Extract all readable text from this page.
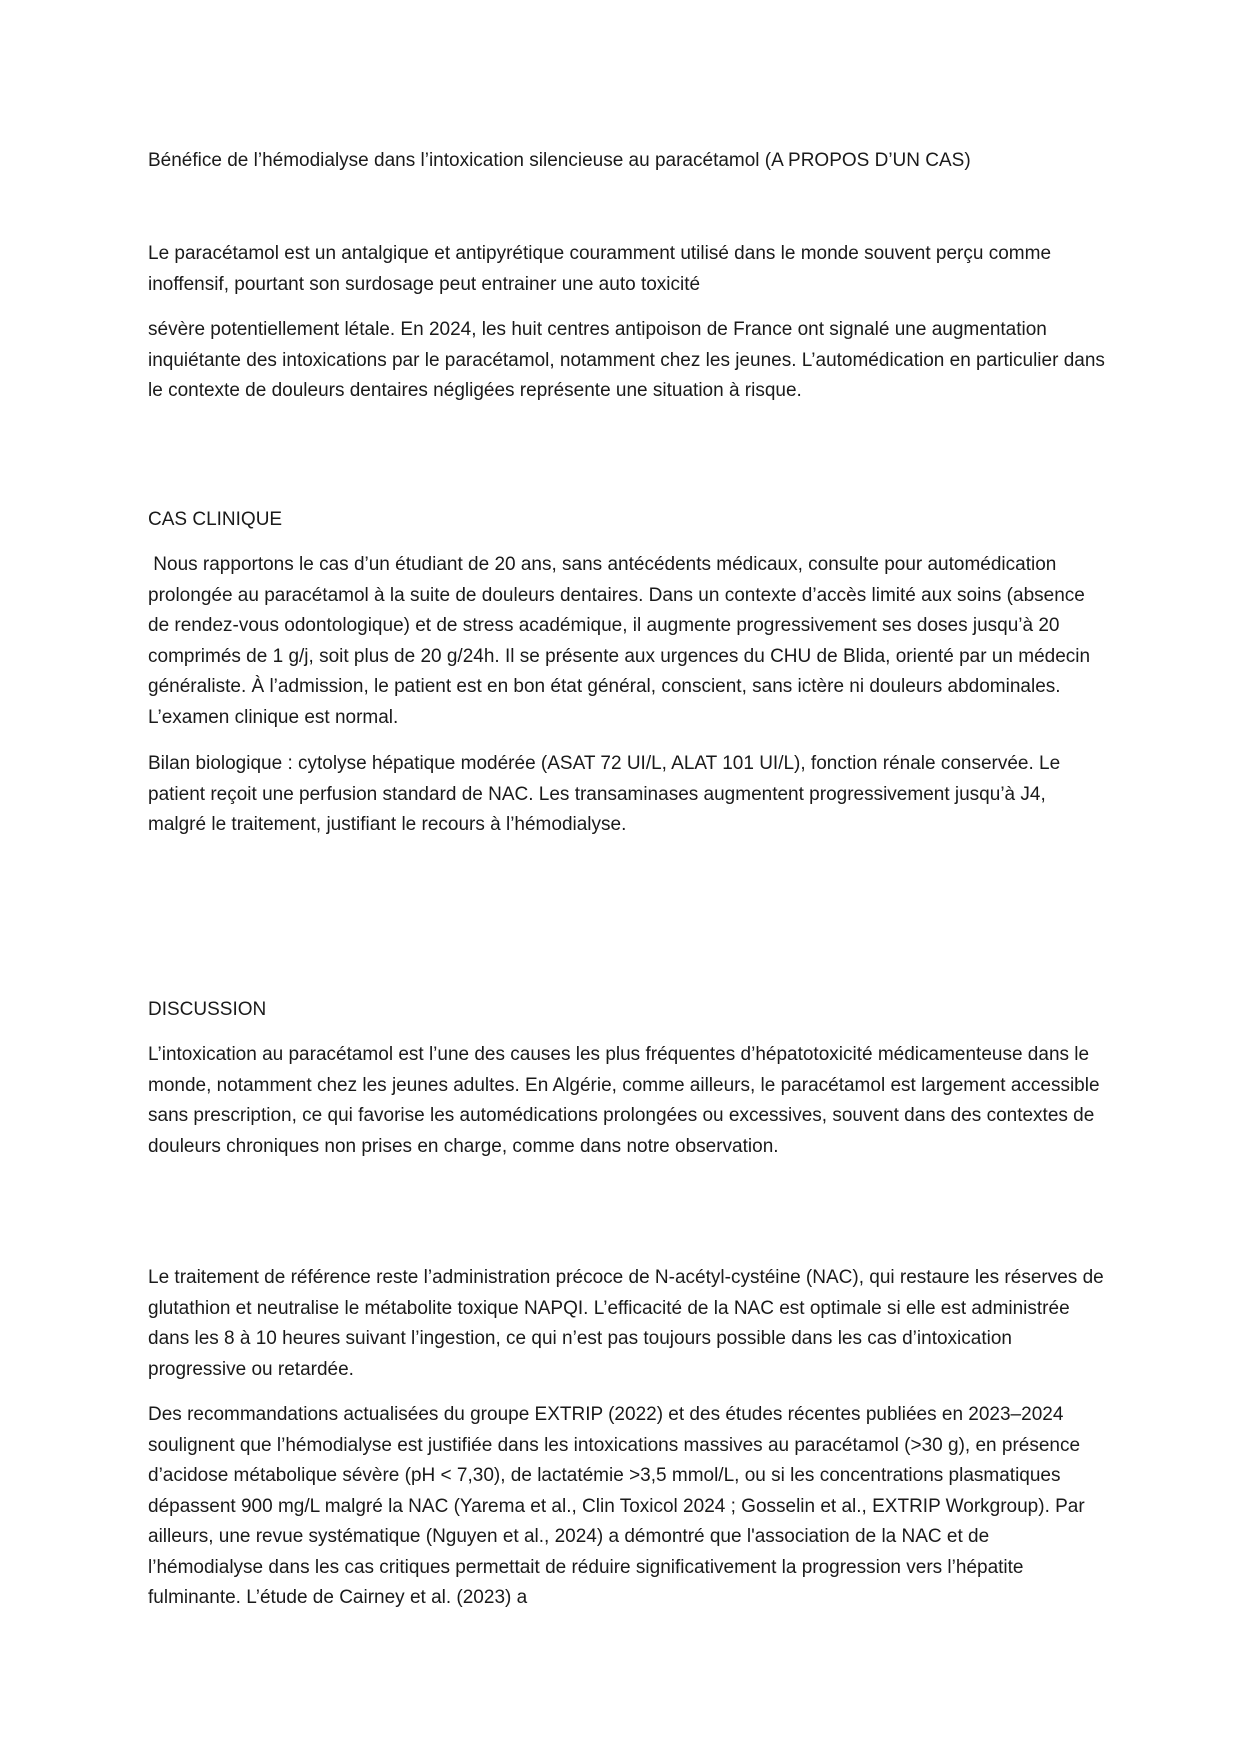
Bénéfice de l’hémodialyse dans l’intoxication silencieuse au paracétamol (A PROPOS D’UN CAS)

Le paracétamol est un antalgique et antipyrétique couramment utilisé dans le monde souvent perçu comme inoffensif, pourtant son surdosage peut entrainer une auto toxicité

sévère potentiellement létale. En 2024, les huit centres antipoison de France ont signalé une augmentation inquiétante des intoxications par le paracétamol, notamment chez les jeunes. L’automédication en particulier dans le contexte de douleurs dentaires négligées représente une situation à risque.

CAS CLINIQUE

Nous rapportons le cas d’un étudiant de 20 ans, sans antécédents médicaux, consulte pour automédication prolongée au paracétamol à la suite de douleurs dentaires. Dans un contexte d’accès limité aux soins (absence de rendez-vous odontologique) et de stress académique, il augmente progressivement ses doses jusqu’à 20 comprimés de 1 g/j, soit plus de 20 g/24h. Il se présente aux urgences du CHU de Blida, orienté par un médecin généraliste. À l’admission, le patient est en bon état général, conscient, sans ictère ni douleurs abdominales. L’examen clinique est normal.

Bilan biologique : cytolyse hépatique modérée (ASAT 72 UI/L, ALAT 101 UI/L), fonction rénale conservée. Le patient reçoit une perfusion standard de NAC. Les transaminases augmentent progressivement jusqu’à J4, malgré le traitement, justifiant le recours à l’hémodialyse.

DISCUSSION

L’intoxication au paracétamol est l’une des causes les plus fréquentes d’hépatotoxicité médicamenteuse dans le monde, notamment chez les jeunes adultes. En Algérie, comme ailleurs, le paracétamol est largement accessible sans prescription, ce qui favorise les automédications prolongées ou excessives, souvent dans des contextes de douleurs chroniques non prises en charge, comme dans notre observation.

Le traitement de référence reste l’administration précoce de N-acétyl-cystéine (NAC), qui restaure les réserves de glutathion et neutralise le métabolite toxique NAPQI. L’efficacité de la NAC est optimale si elle est administrée dans les 8 à 10 heures suivant l’ingestion, ce qui n’est pas toujours possible dans les cas d’intoxication progressive ou retardée.

Des recommandations actualisées du groupe EXTRIP (2022) et des études récentes publiées en 2023–2024 soulignent que l’hémodialyse est justifiée dans les intoxications massives au paracétamol (>30 g), en présence d’acidose métabolique sévère (pH < 7,30), de lactatémie >3,5 mmol/L, ou si les concentrations plasmatiques dépassent 900 mg/L malgré la NAC (Yarema et al., Clin Toxicol 2024 ; Gosselin et al., EXTRIP Workgroup). Par ailleurs, une revue systématique (Nguyen et al., 2024) a démontré que l'association de la NAC et de l’hémodialyse dans les cas critiques permettait de réduire significativement la progression vers l’hépatite fulminante. L’étude de Cairney et al. (2023) a
